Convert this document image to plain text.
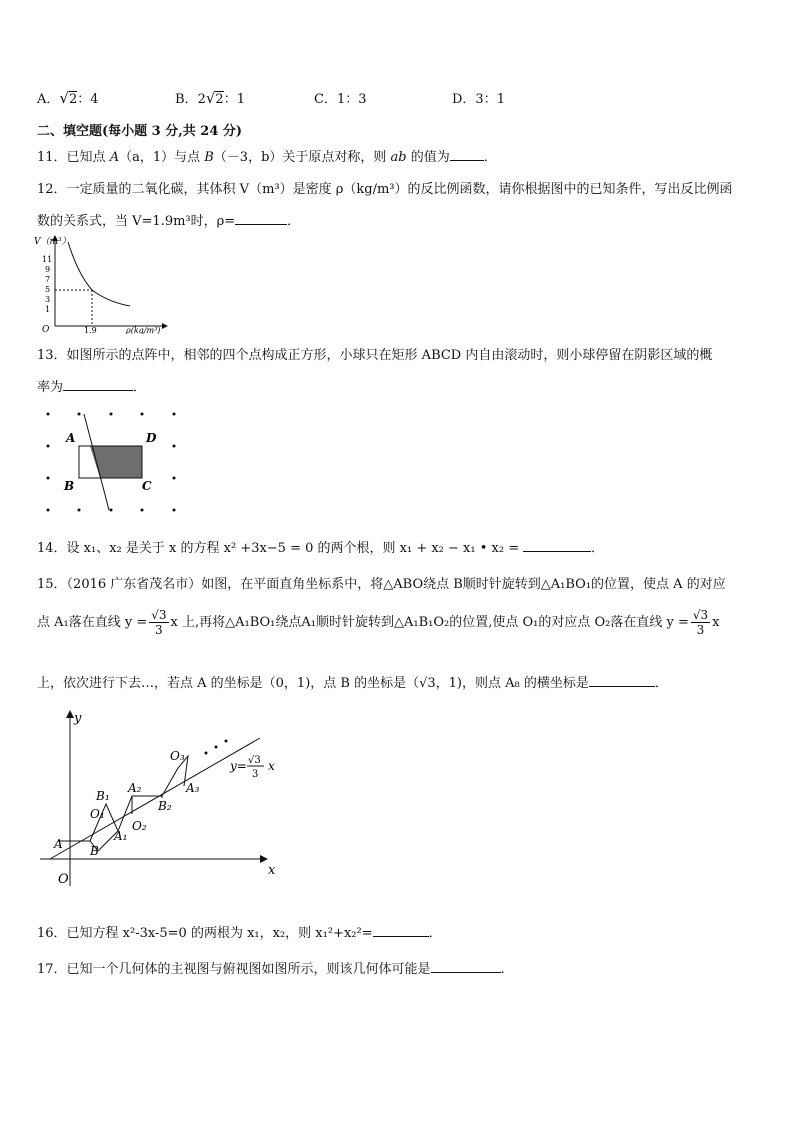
A．√2：4	B．2√2：1	C．1：3	D．3：1
二、填空题(每小题 3 分,共 24 分)
11．已知点 A（a，1）与点 B（－3，b）关于原点对称，则 ab 的值为	．
12．一定质量的二氧化碳，其体积 V（m³）是密度 ρ（kg/m³）的反比例函数，请你根据图中的已知条件，写出反比例函
数的关系式，当 V=1.9m³时，ρ=	．
V（m³）
11
9
7
5
3
1
O	1.9	ρ(kg/m³)
13．如图所示的点阵中，相邻的四个点构成正方形，小球只在矩形 ABCD 内自由滚动时，则小球停留在阴影区域的概
率为	．
A	D
B	C
14．设 x₁、x₂ 是关于 x 的方程 x² +3x−5 = 0 的两个根，则 x₁ + x₂ − x₁ • x₂ =	．
15．（2016 广东省茂名市）如图，在平面直角坐标系中，将△ABO绕点 B顺时针旋转到△A₁BO₁的位置，使点 A 的对应
点 A₁落在直线 $y = \frac{√3}{3}$ x 上,再将△A₁BO₁绕点A₁顺时针旋转到△A₁B₁O₂的位置,使点 O₁的对应点 O₂落在直线 $y = \frac{√3}{3}$ x
上，依次进行下去…，若点 A 的坐标是（0，1)，点 B 的坐标是（√3，1)，则点 A₈ 的横坐标是	．
O
A B
A₁
B₁
O₁
A₂
O₂
B₂
A₃
O₃
x
y
y= √3
3
x
16．已知方程 x²-3x-5=0 的两根为 x₁，x₂，则 x₁²+x₂²=	．
17．已知一个几何体的主视图与俯视图如图所示，则该几何体可能是	.
